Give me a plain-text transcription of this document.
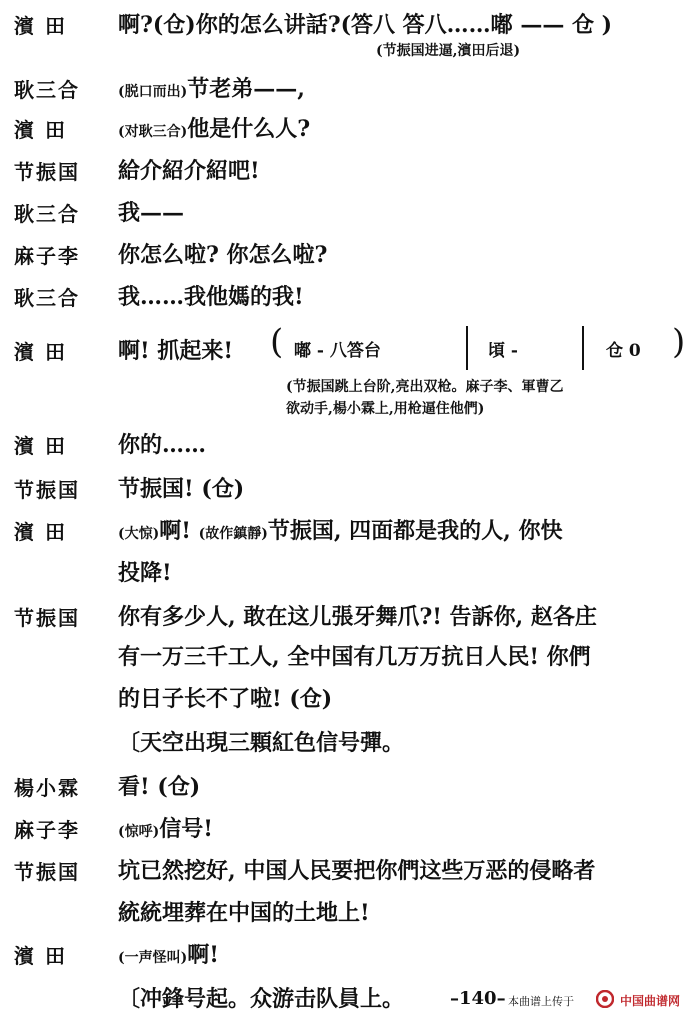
濱 田 啊?(仓)你的怎么讲話?(答八 答八……嘟 —— 仓 )
(节振国进逼,濱田后退)
耿三合	(脱口而出)节老弟——,
濱 田	(对耿三合)他是什么人?
节振国 給介紹介紹吧!
耿三合 我——
麻子李 你怎么啦? 你怎么啦?
耿三合 我……我他媽的我!
濱 田 啊! 抓起来! ( 嘟 - 八答台	頃 -	仓 0 )
(节振国跳上台阶,亮出双枪。麻子李、軍曹乙
欲动手,楊小霖上,用枪逼住他們)
濱 田 你的……
节振国 节振国! (仓)
濱 田	(大惊)啊! (故作鎮靜)节振国, 四面都是我的人, 你快
投降!
节振国 你有多少人, 敢在这儿張牙舞爪?! 告訴你, 赵各庄
有一万三千工人, 全中国有几万万抗日人民! 你們
的日子长不了啦! (仓)
〔天空出現三顆紅色信号彈。
楊小霖 看! (仓)
麻子李	(惊呼)信号!
节振国 坑已然挖好, 中国人民要把你們这些万恶的侵略者
統統埋葬在中国的土地上!
濱 田	(一声怪叫)啊!
〔冲鋒号起。众游击队員上。	–140– 本曲谱上传于	中国曲谱网
